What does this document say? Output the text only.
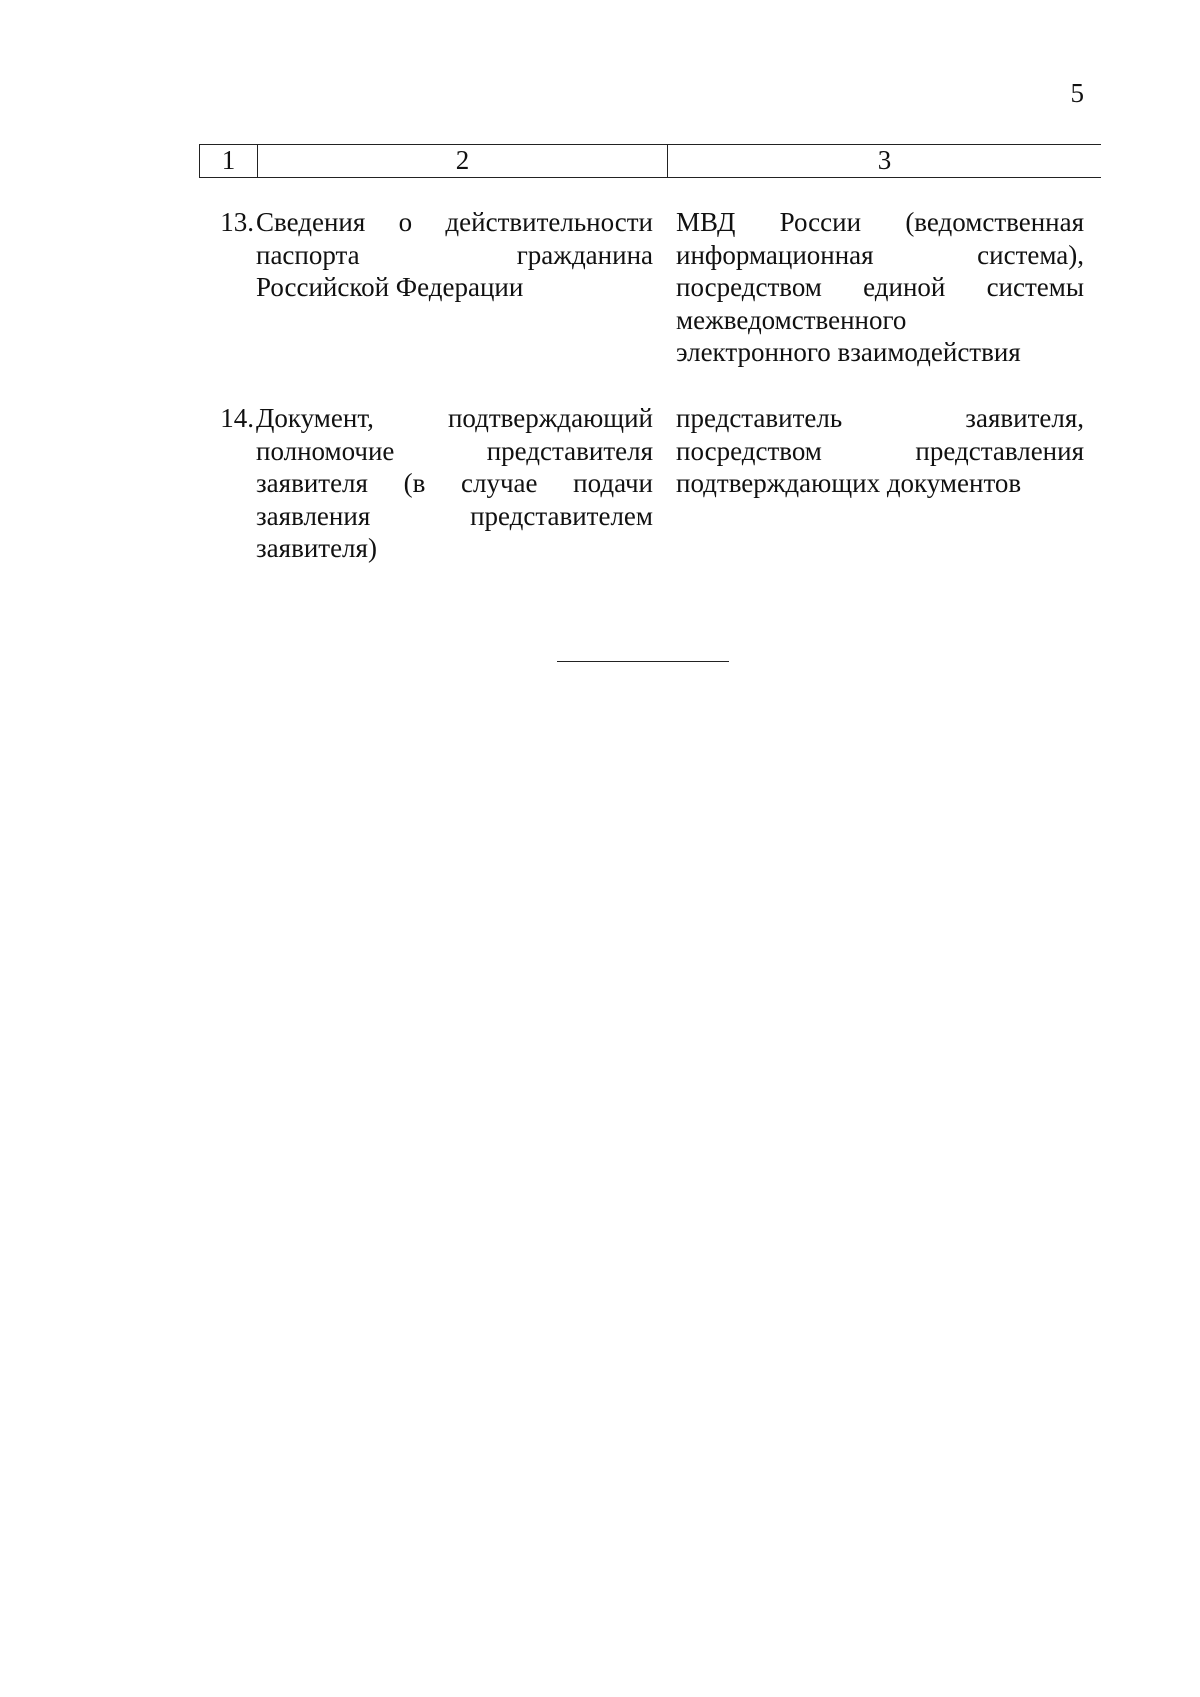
5
1	2	3
13. Сведения о действительности
паспорта гражданина
Российской Федерации
МВД России (ведомственная
информационная система),
посредством единой системы
межведомственного
электронного взаимодействия
14. Документ, подтверждающий
полномочие представителя
заявителя (в случае подачи
заявления представителем
заявителя)
представитель заявителя,
посредством представления
подтверждающих документов
